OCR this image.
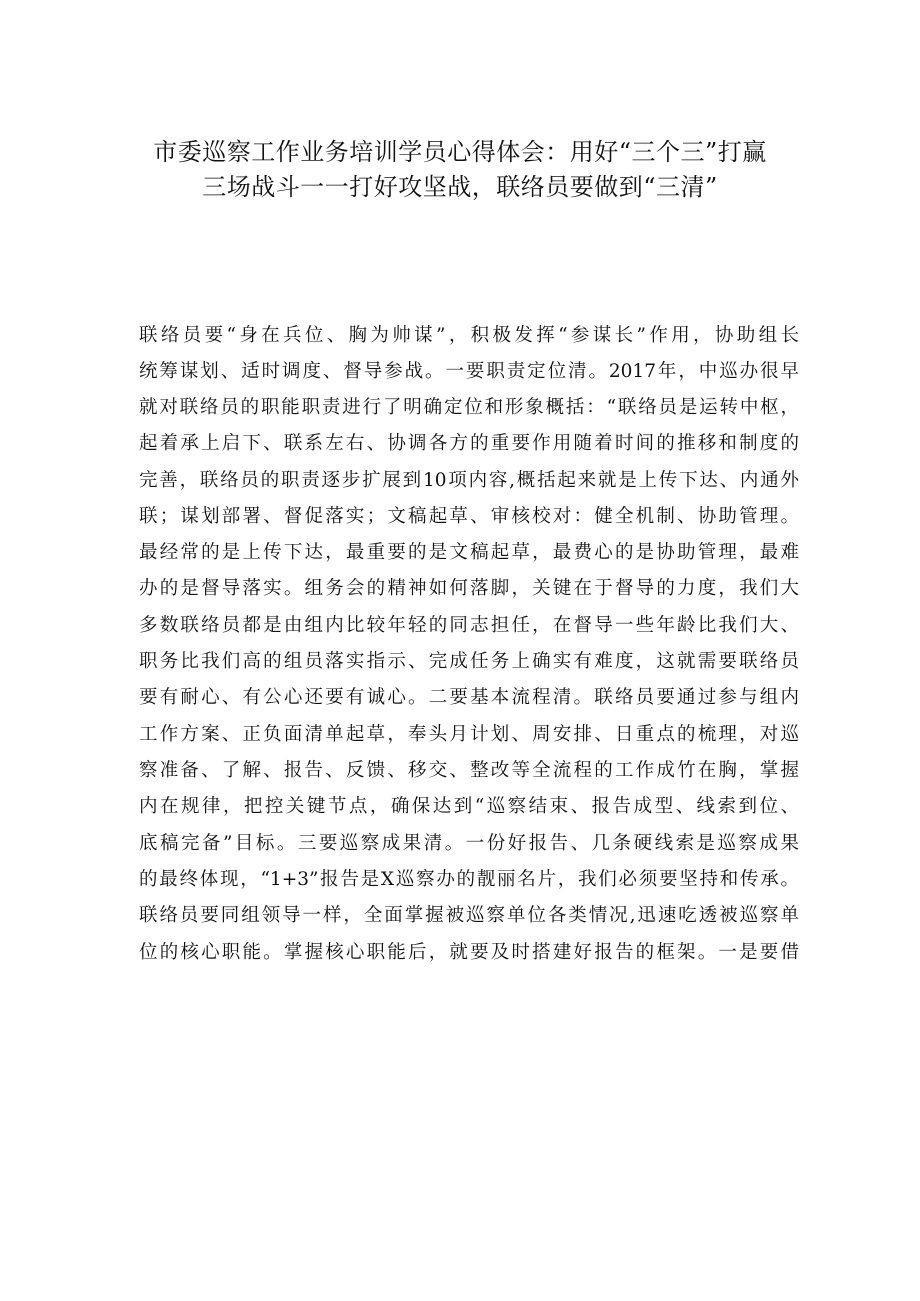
市委巡察工作业务培训学员心得体会：用好“三个三”打赢
三场战斗一一打好攻坚战，联络员要做到“三清”
联络员要“身在兵位、胸为帅谋”，积极发挥“参谋长”作用，协助组长
统筹谋划、适时调度、督导参战。一要职责定位清。2017年，中巡办很早
就对联络员的职能职责进行了明确定位和形象概括：“联络员是运转中枢，
起着承上启下、联系左右、协调各方的重要作用随着时间的推移和制度的
完善，联络员的职责逐步扩展到10项内容,概括起来就是上传下达、内通外
联；谋划部署、督促落实；文稿起草、审核校对：健全机制、协助管理。
最经常的是上传下达，最重要的是文稿起草，最费心的是协助管理，最难
办的是督导落实。组务会的精神如何落脚，关键在于督导的力度，我们大
多数联络员都是由组内比较年轻的同志担任，在督导一些年龄比我们大、
职务比我们高的组员落实指示、完成任务上确实有难度，这就需要联络员
要有耐心、有公心还要有诚心。二要基本流程清。联络员要通过参与组内
工作方案、正负面清单起草，奉头月计划、周安排、日重点的梳理，对巡
察准备、了解、报告、反馈、移交、整改等全流程的工作成竹在胸，掌握
内在规律，把控关键节点，确保达到“巡察结束、报告成型、线索到位、
底稿完备”目标。三要巡察成果清。一份好报告、几条硬线索是巡察成果
的最终体现，“1+3”报告是X巡察办的靓丽名片，我们必须要坚持和传承。
联络员要同组领导一样，全面掌握被巡察单位各类情况,迅速吃透被巡察单
位的核心职能。掌握核心职能后，就要及时搭建好报告的框架。一是要借
